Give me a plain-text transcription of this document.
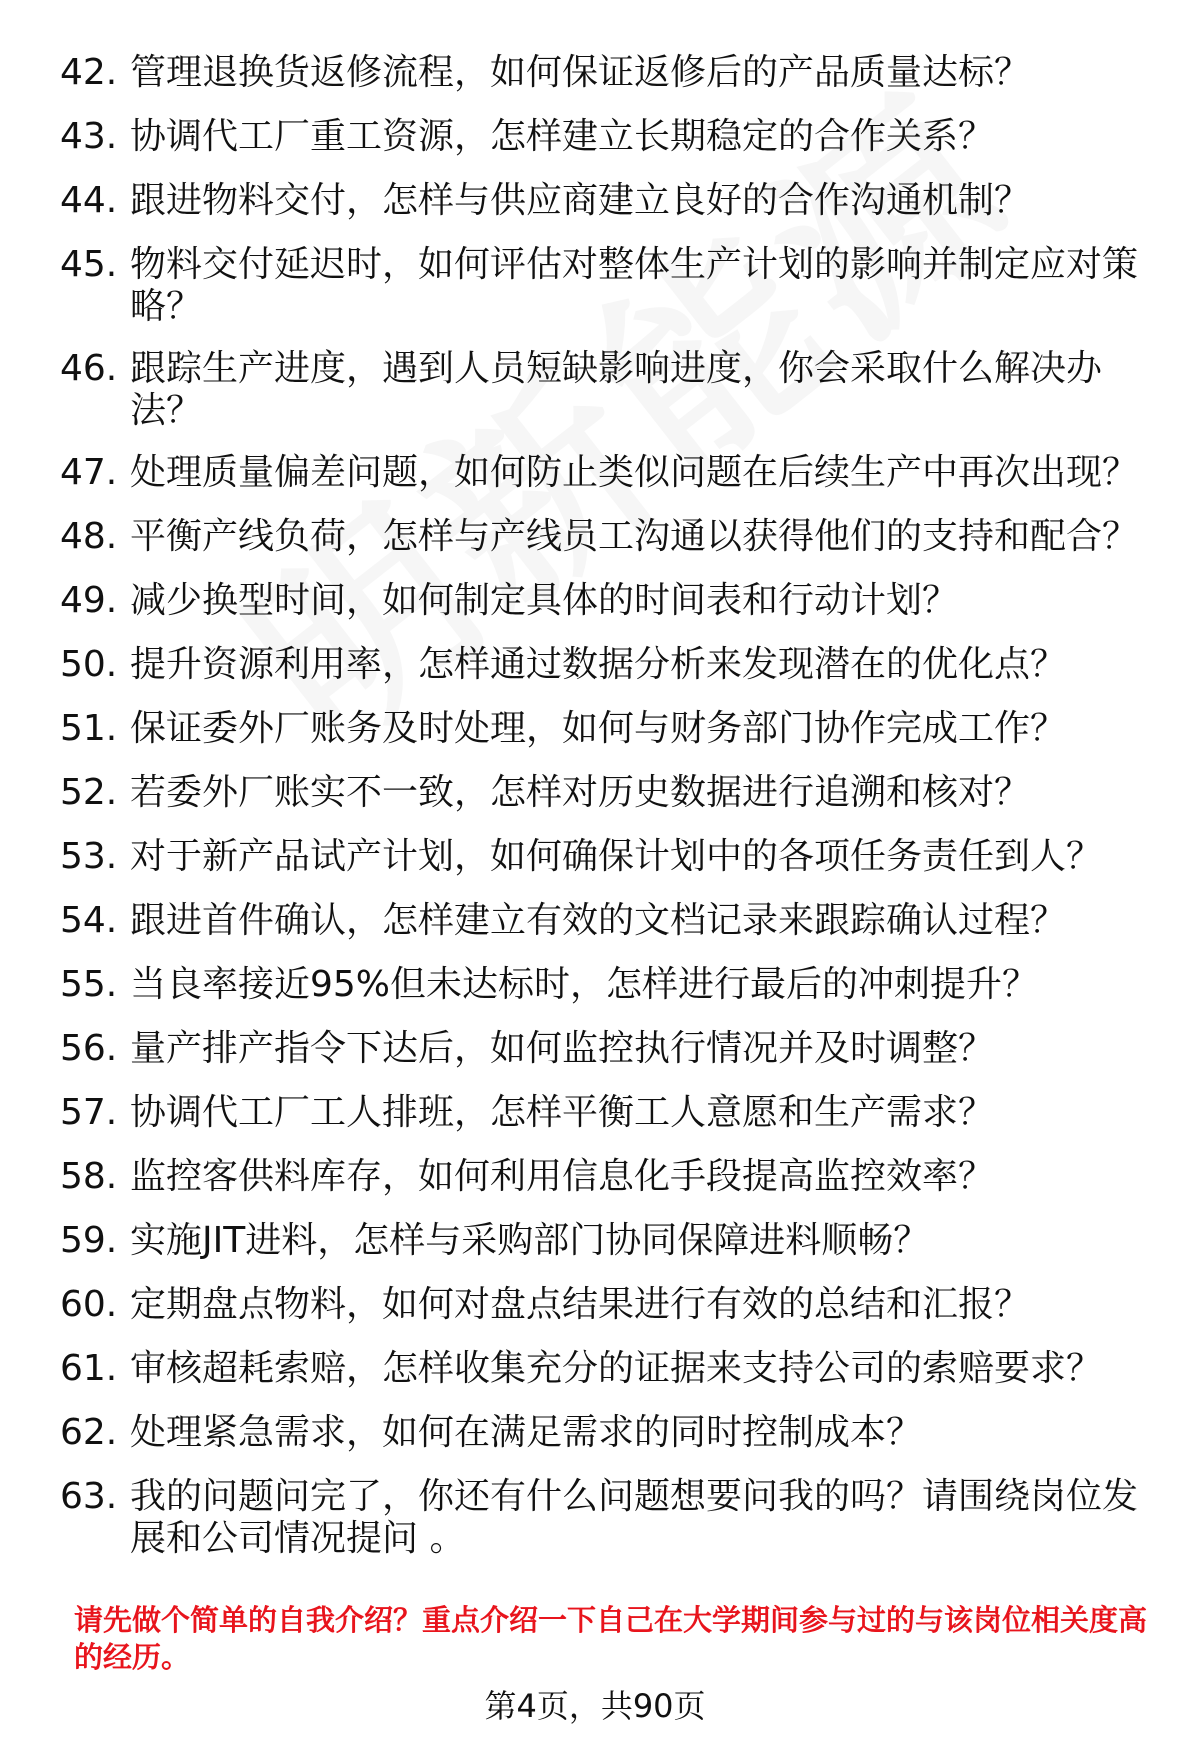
42. 管理退换货返修流程，如何保证返修后的产品质量达标？
43. 协调代工厂重工资源，怎样建立长期稳定的合作关系？
44. 跟进物料交付，怎样与供应商建立良好的合作沟通机制？
45. 物料交付延迟时，如何评估对整体生产计划的影响并制定应对策略？
46. 跟踪生产进度，遇到人员短缺影响进度，你会采取什么解决办法？
47. 处理质量偏差问题，如何防止类似问题在后续生产中再次出现？
48. 平衡产线负荷，怎样与产线员工沟通以获得他们的支持和配合？
49. 减少换型时间，如何制定具体的时间表和行动计划？
50. 提升资源利用率，怎样通过数据分析来发现潜在的优化点？
51. 保证委外厂账务及时处理，如何与财务部门协作完成工作？
52. 若委外厂账实不一致，怎样对历史数据进行追溯和核对？
53. 对于新产品试产计划，如何确保计划中的各项任务责任到人？
54. 跟进首件确认，怎样建立有效的文档记录来跟踪确认过程？
55. 当良率接近95%但未达标时，怎样进行最后的冲刺提升？
56. 量产排产指令下达后，如何监控执行情况并及时调整？
57. 协调代工厂工人排班，怎样平衡工人意愿和生产需求？
58. 监控客供料库存，如何利用信息化手段提高监控效率？
59. 实施JIT进料，怎样与采购部门协同保障进料顺畅？
60. 定期盘点物料，如何对盘点结果进行有效的总结和汇报？
61. 审核超耗索赔，怎样收集充分的证据来支持公司的索赔要求？
62. 处理紧急需求，如何在满足需求的同时控制成本？
63. 我的问题问完了，你还有什么问题想要问我的吗？请围绕岗位发展和公司情况提问 。
请先做个简单的自我介绍？重点介绍一下自己在大学期间参与过的与该岗位相关度高的经历。
第4页，共90页
